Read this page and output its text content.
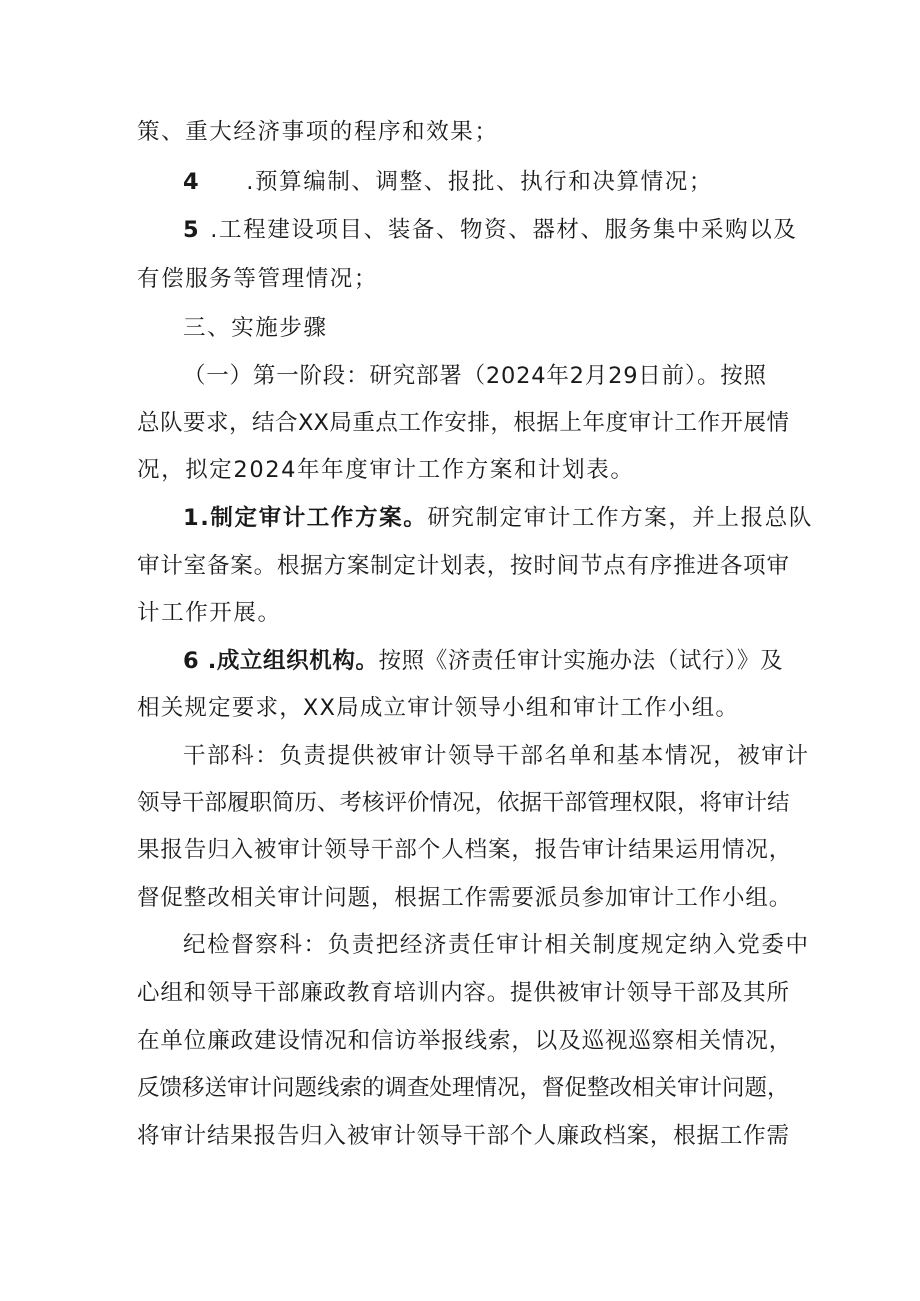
策、重大经济事项的程序和效果；
4 .预算编制、调整、报批、执行和决算情况；
5 .工程建设项目、装备、物资、器材、服务集中采购以及
有偿服务等管理情况；
三、实施步骤
（一）第一阶段：研究部署（2024年2月29日前）。按照
总队要求，结合XX局重点工作安排，根据上年度审计工作开展情
况，拟定2024年年度审计工作方案和计划表。
1.制定审计工作方案。研究制定审计工作方案，并上报总队
审计室备案。根据方案制定计划表，按时间节点有序推进各项审
计工作开展。
6 .成立组织机构。按照《济责任审计实施办法（试行）》及
相关规定要求，XX局成立审计领导小组和审计工作小组。
干部科：负责提供被审计领导干部名单和基本情况，被审计
领导干部履职简历、考核评价情况，依据干部管理权限，将审计结
果报告归入被审计领导干部个人档案，报告审计结果运用情况，
督促整改相关审计问题，根据工作需要派员参加审计工作小组。
纪检督察科：负责把经济责任审计相关制度规定纳入党委中
心组和领导干部廉政教育培训内容。提供被审计领导干部及其所
在单位廉政建设情况和信访举报线索，以及巡视巡察相关情况，
反馈移送审计问题线索的调查处理情况，督促整改相关审计问题，
将审计结果报告归入被审计领导干部个人廉政档案，根据工作需
